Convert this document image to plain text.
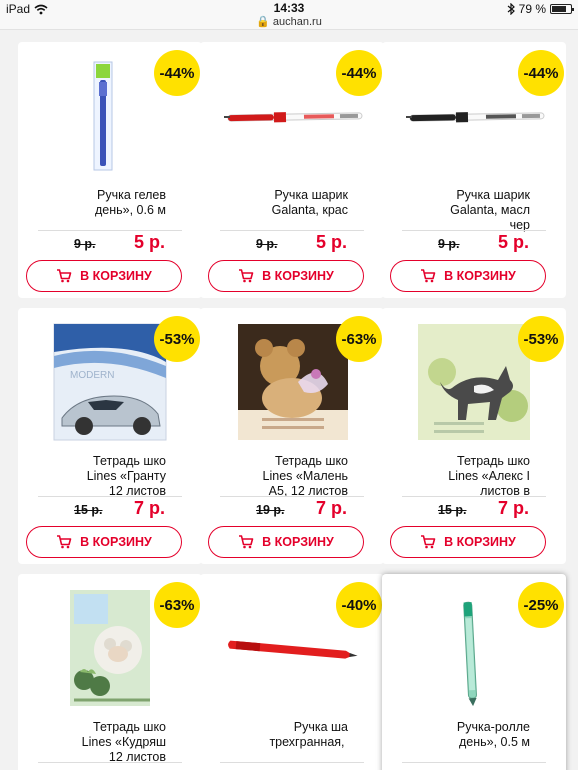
iPad	14:33
🔒 auchan.ru
79 %
-44%
Ручка гелев
день», 0.6 м
9 р. 5 р.
В КОРЗИНУ
-44%
Ручка шарик
Galanta, крас
9 р. 5 р.
В КОРЗИНУ
-44%
Ручка шарик
Galanta, масл
чер
9 р. 5 р.
В КОРЗИНУ
MODERN
-53%
Тетрадь шко
Lines «Гранту
12 листов
15 р. 7 р.
В КОРЗИНУ
-63%
Тетрадь шко
Lines «Малень
А5, 12 листов
19 р. 7 р.
В КОРЗИНУ
-53%
Тетрадь шко
Lines «Алекс I
листов в
15 р. 7 р.
В КОРЗИНУ
-63%
Тетрадь шко
Lines «Кудряш
12 листов
-40%
Ручка ша
трехгранная,
-25%
Ручка-ролле
день», 0.5 м
